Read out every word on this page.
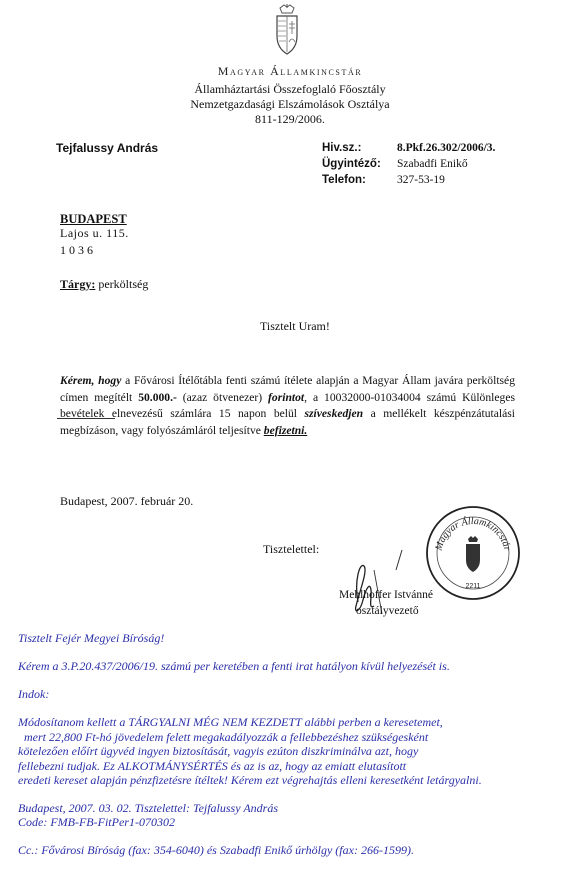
Magyar Államkincstár
Államháztartási Összefoglaló Főosztály
Nemzetgazdasági Elszámolások Osztálya
811-129/2006.
Tejfalussy András	Hiv.sz.:	8.Pkf.26.302/2006/3.
Ügyintéző: Szabadfi Enikő
Telefon:	327-53-19
BUDAPEST
Lajos u. 115.
1036
Tárgy: perköltség
Tisztelt Uram!
Kérem, hogy a Fővárosi Ítélőtábla fenti számú ítélete alapján a Magyar Állam javára perköltség címen megítélt 50.000.- (azaz ötvenezer) forintot, a 10032000-01034004 számú Különleges bevételek elnevezésű számlára 15 napon belül szíveskedjen a mellékelt készpénzátutalási megbízáson, vagy folyószámláról teljesítve befizetni.
Budapest, 2007. február 20.
Tisztelettel:	Magyar Államkincstár
2211
Mehlhoffer Istvánné
osztályvezető
Tisztelt Fejér Megyei Bíróság!
Kérem a 3.P.20.437/2006/19. számú per keretében a fenti irat hatályon kívül helyezését is.
Indok:
Módosítanom kellett a TÁRGYALNI MÉG NEM KEZDETT alábbi perben a keresetemet,
mert 22,800 Ft-hó jövedelem felett megakadályozzák a fellebbezéshez szükségesként
kötelezően előírt ügyvéd ingyen biztosítását, vagyis ezúton diszkriminálva azt, hogy
fellebezni tudjak. Ez ALKOTMÁNYSÉRTÉS és az is az, hogy az emiatt elutasított
eredeti kereset alapján pénzfizetésre ítéltek! Kérem ezt végrehajtás elleni keresetként letárgyalni.
Budapest, 2007. 03. 02. Tisztelettel: Tejfalussy András
Code: FMB-FB-FitPer1-070302
Cc.: Fővárosi Bíróság (fax: 354-6040) és Szabadfi Enikő úrhölgy (fax: 266-1599).
